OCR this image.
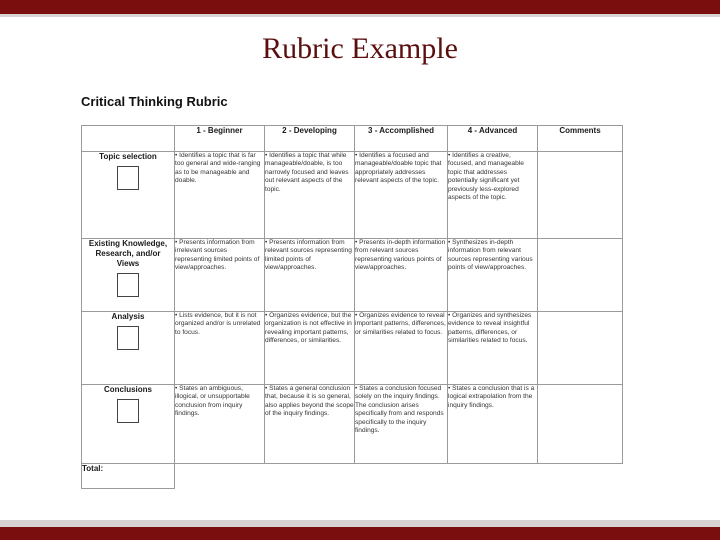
Rubric Example
Critical Thinking Rubric
	1 - Beginner	2 - Developing	3 - Accomplished	4 - Advanced	Comments

Topic selection	• Identifies a topic that is far too general and wide-ranging as to be manageable and doable.	• Identifies a topic that while manageable/doable, is too narrowly focused and leaves out relevant aspects of the topic.	• Identifies a focused and manageable/doable topic that appropriately addresses relevant aspects of the topic.	• Identifies a creative, focused, and manageable topic that addresses potentially significant yet previously less-explored aspects of the topic.	

Existing Knowledge, Research, and/or Views	• Presents information from irrelevant sources representing limited points of view/approaches.	• Presents information from relevant sources representing limited points of view/approaches.	• Presents in-depth information from relevant sources representing various points of view/approaches.	• Synthesizes in-depth information from relevant sources representing various points of view/approaches.	

Analysis	• Lists evidence, but it is not organized and/or is unrelated to focus.	• Organizes evidence, but the organization is not effective in revealing important patterns, differences, or similarities.	• Organizes evidence to reveal important patterns, differences, or similarities related to focus.	• Organizes and synthesizes evidence to reveal insightful patterns, differences, or similarities related to focus.	

Conclusions	• States an ambiguous, illogical, or unsupportable conclusion from inquiry findings.	• States a general conclusion that, because it is so general, also applies beyond the scope of the inquiry findings.	• States a conclusion focused solely on the inquiry findings. The conclusion arises specifically from and responds specifically to the inquiry findings.	• States a conclusion that is a logical extrapolation from the inquiry findings.	
Total:					
